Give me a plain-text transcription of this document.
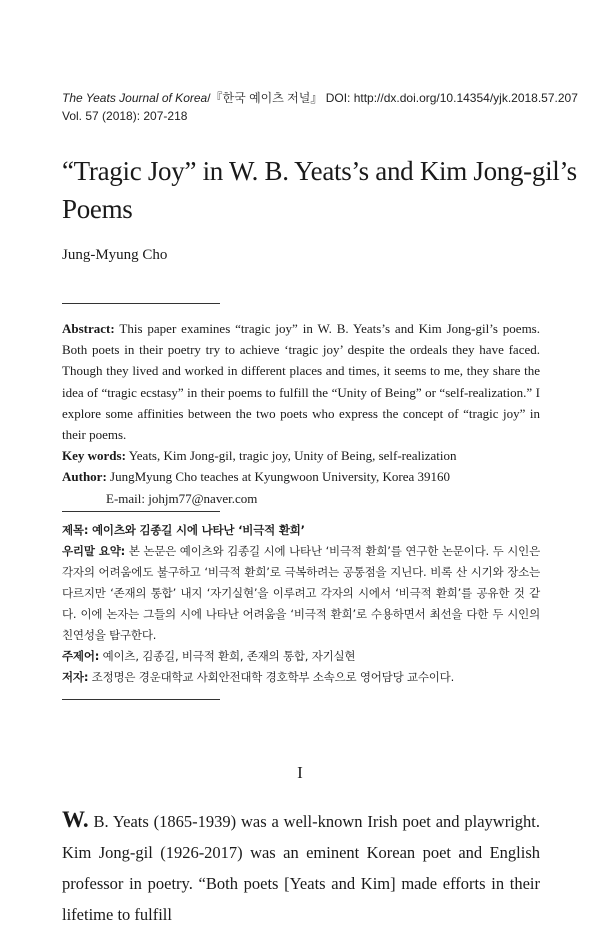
The Yeats Journal of Korea/『한국 예이츠 저널』 DOI: http://dx.doi.org/10.14354/yjk.2018.57.207
Vol. 57 (2018): 207-218
“Tragic Joy” in W. B. Yeats’s and Kim Jong-gil’s Poems
Jung-Myung Cho

Abstract: This paper examines “tragic joy” in W. B. Yeats’s and Kim Jong-gil’s poems. Both poets in their poetry try to achieve ‘tragic joy’ despite the ordeals they have faced. Though they lived and worked in different places and times, it seems to me, they share the idea of “tragic ecstasy” in their poems to fulfill the “Unity of Being” or “self-realization.” I explore some affinities between the two poets who express the concept of “tragic joy” in their poems.

Key words: Yeats, Kim Jong-gil, tragic joy, Unity of Being, self-realization

Author: JungMyung Cho teaches at Kyungwoon University, Korea 39160

E-mail: johjm77@naver.com

제목: 예이츠와 김종길 시에 나타난 ‘비극적 환희’

우리말 요약: 본 논문은 예이츠와 김종길 시에 나타난 ‘비극적 환희’를 연구한 논문이다. 두 시인은 각자의 어려움에도 불구하고 ‘비극적 환희’로 극복하려는 공통점을 지닌다. 비록 산 시기와 장소는 다르지만 ‘존재의 통합’ 내지 ‘자기실현’을 이루려고 각자의 시에서 ‘비극적 환희’를 공유한 것 같다. 이에 논자는 그들의 시에 나타난 어려움을 ‘비극적 환희’로 수용하면서 최선을 다한 두 시인의 친연성을 탐구한다.

주제어: 예이츠, 김종길, 비극적 환희, 존재의 통합, 자기실현

저자: 조정명은 경운대학교 사회안전대학 경호학부 소속으로 영어담당 교수이다.

I

W. B. Yeats (1865-1939) was a well-known Irish poet and playwright. Kim Jong-gil (1926-2017) was an eminent Korean poet and English professor in poetry. “Both poets [Yeats and Kim] made efforts in their lifetime to fulfill
